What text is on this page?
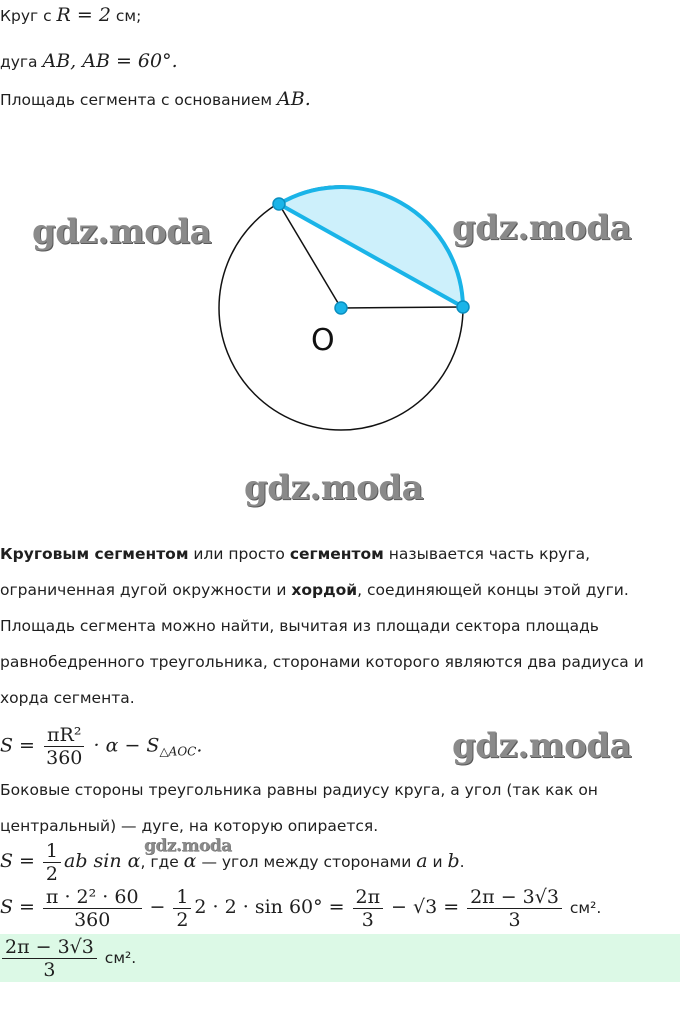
Круг с R = 2 см;
дуга AB, AB = 60°.
Площадь сегмента с основанием AB.
O
gdz.moda	gdz.moda
gdz.moda
gdz.moda
gdz.moda
Круговым сегментом или просто сегментом называется часть круга,
ограниченная дугой окружности и хордой, соединяющей концы этой дуги.
Площадь сегмента можно найти, вычитая из площади сектора площадь
равнобедренного треугольника, сторонами которого являются два радиуса и
хорда сегмента.
$S = \frac{\text{πR²}}{360} \cdot \alpha - S_{\triangle AOC}$.
Боковые стороны треугольника равны радиусу круга, а угол (так как он
центральный) — дуге, на которую опирается.
$S = \frac{1}{2}$ ab sin α, где α — угол между сторонами a и b.
$S = \frac{\text{π · 2² · 60}}{360} - \frac{1}{2} 2 \cdot 2 \cdot \sin 60^\circ = \frac{2\pi}{3} - √3 = \frac{2\pi - 3√3}{3} см^2$.
$\frac{2\pi - 3√3}{3} см^2$.
